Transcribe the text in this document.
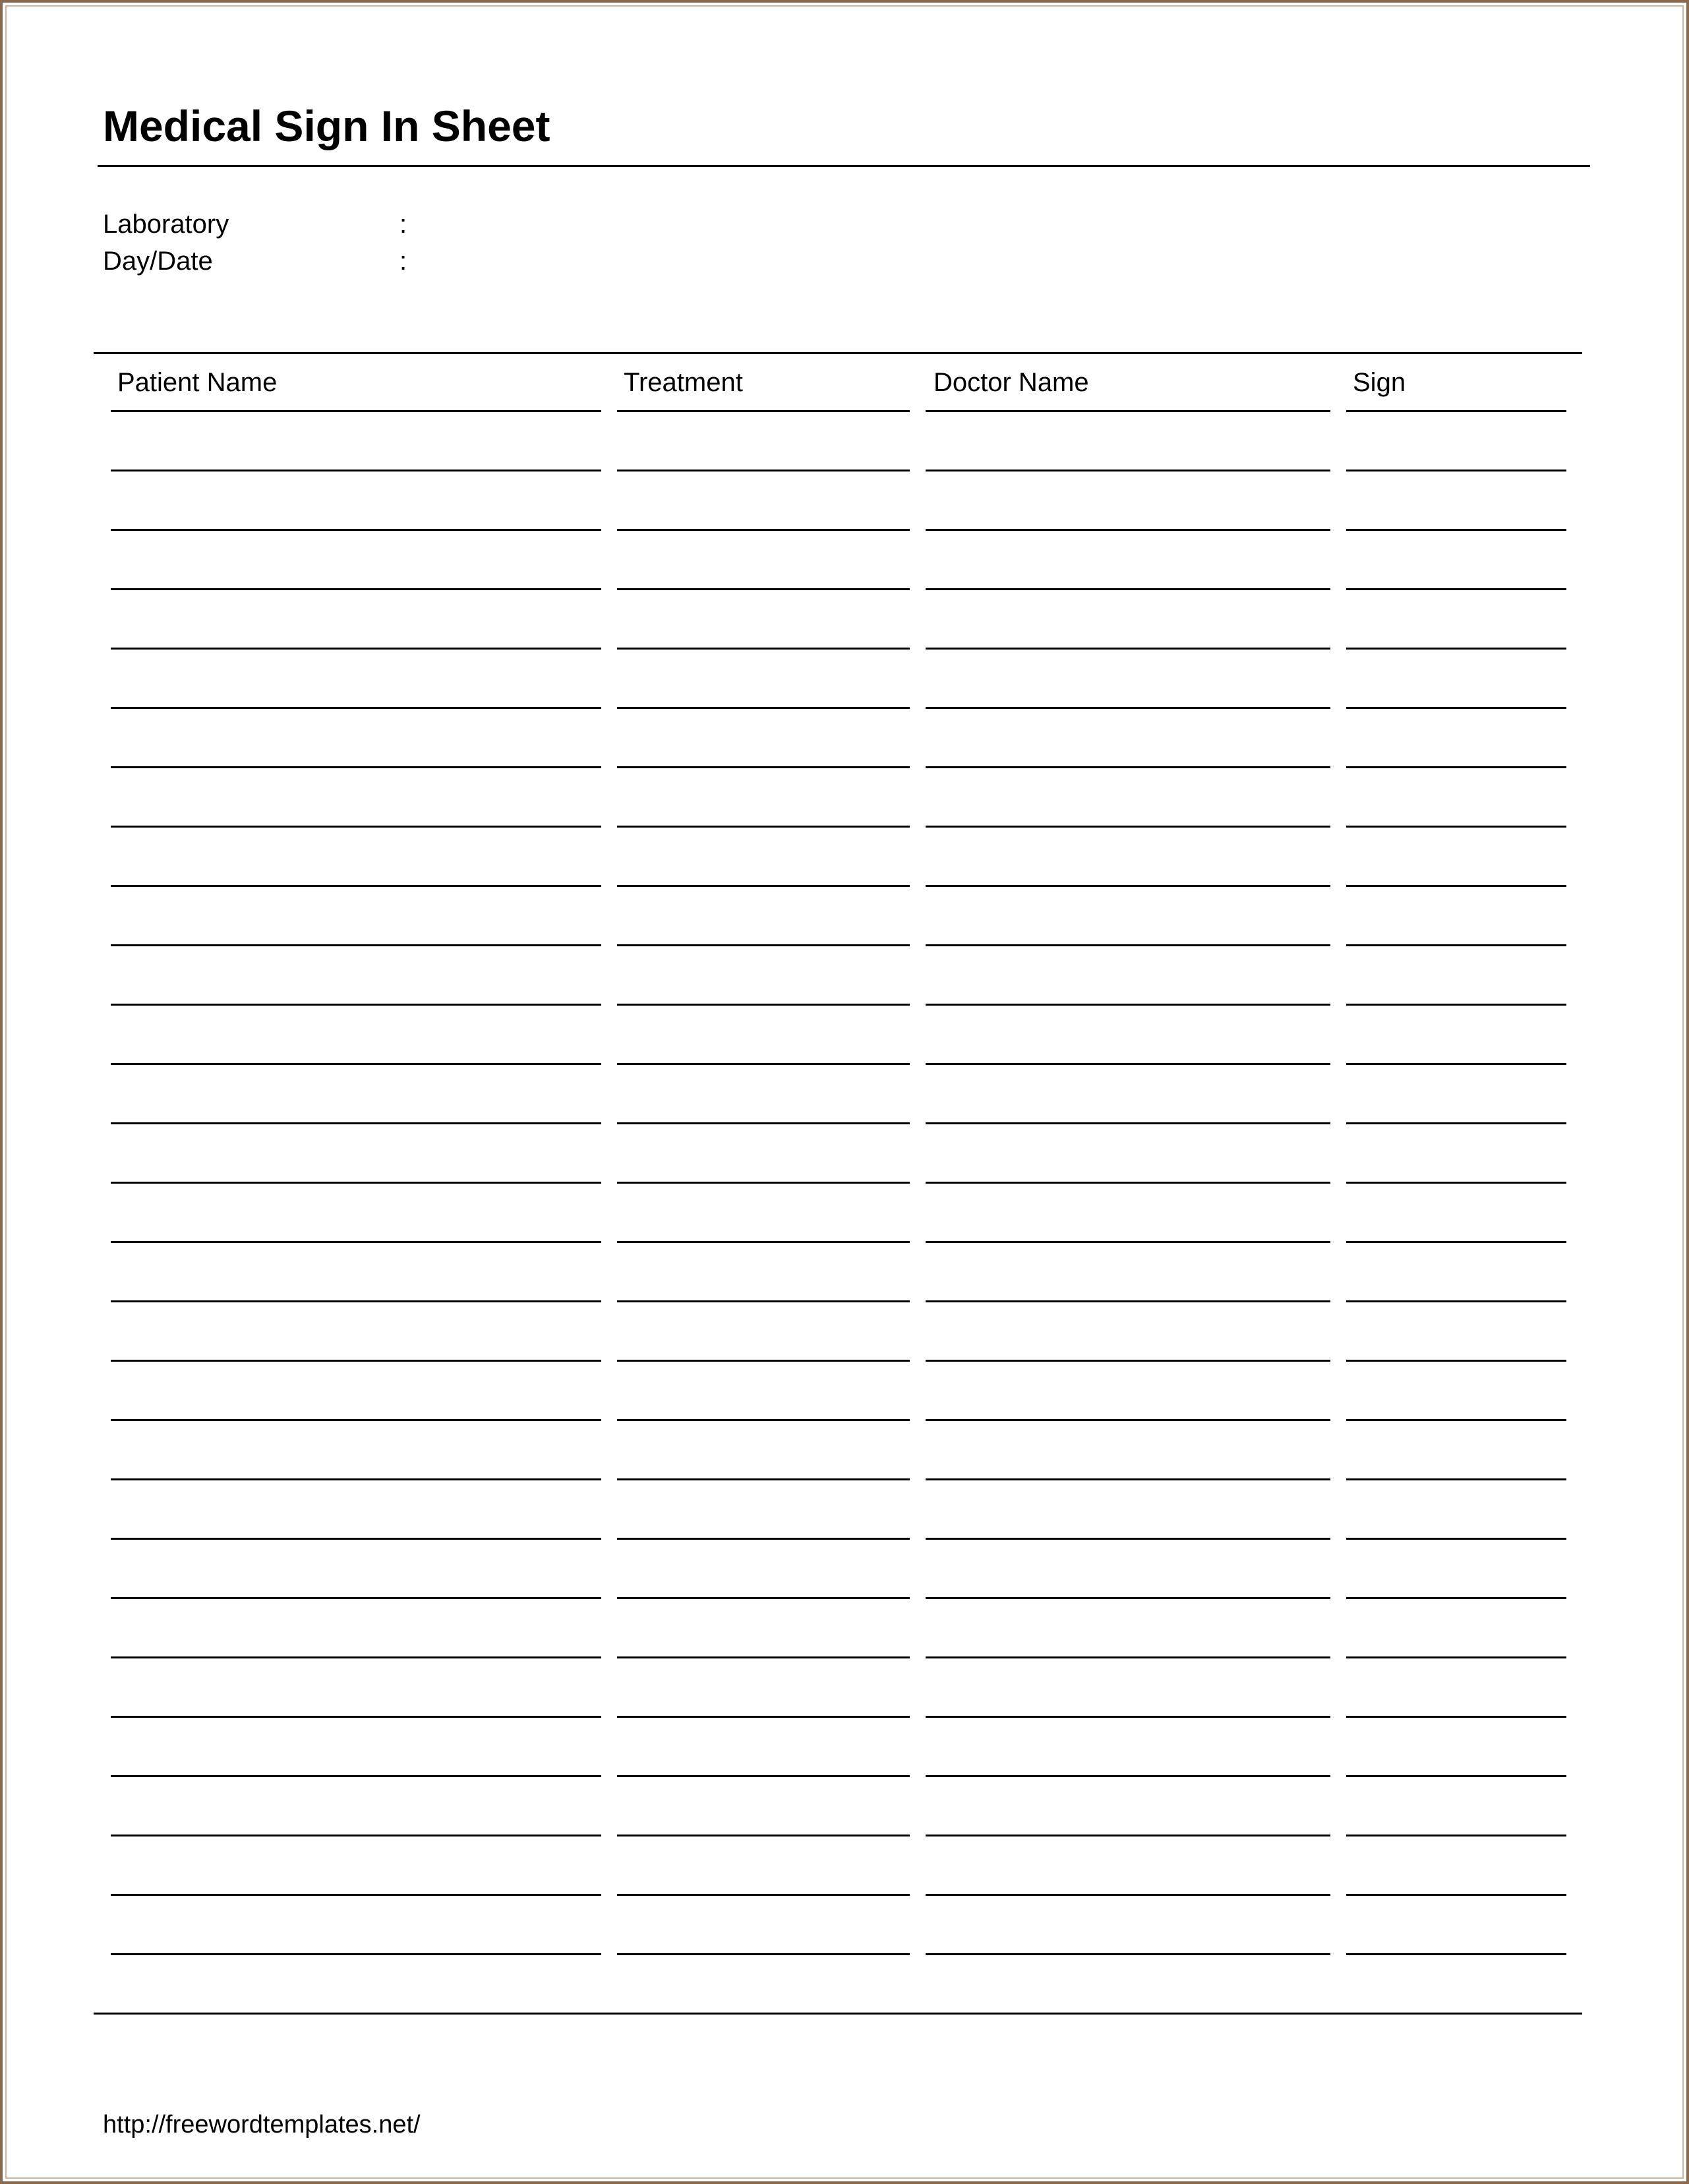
Medical Sign In Sheet
Laboratory	:
Day/Date	:
Patient Name	Treatment	Doctor Name	Sign
http://freewordtemplates.net/
